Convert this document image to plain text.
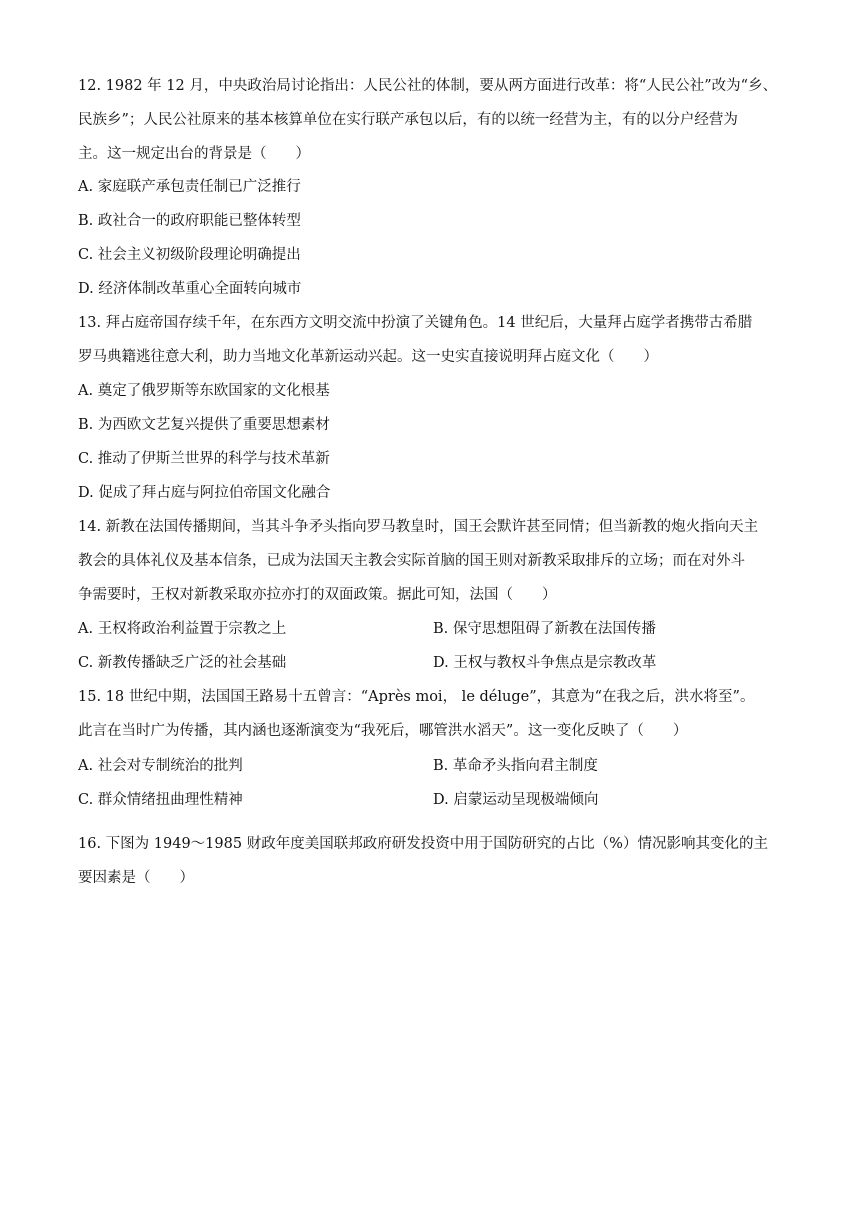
12. 1982 年 12 月，中央政治局讨论指出：人民公社的体制，要从两方面进行改革：将“人民公社”改为“乡、
民族乡”；人民公社原来的基本核算单位在实行联产承包以后，有的以统一经营为主，有的以分户经营为
主。这一规定出台的背景是（　　）
A. 家庭联产承包责任制已广泛推行
B. 政社合一的政府职能已整体转型
C. 社会主义初级阶段理论明确提出
D. 经济体制改革重心全面转向城市
13. 拜占庭帝国存续千年，在东西方文明交流中扮演了关键角色。14 世纪后，大量拜占庭学者携带古希腊
罗马典籍逃往意大利，助力当地文化革新运动兴起。这一史实直接说明拜占庭文化（　　）
A. 奠定了俄罗斯等东欧国家的文化根基
B. 为西欧文艺复兴提供了重要思想素材
C. 推动了伊斯兰世界的科学与技术革新
D. 促成了拜占庭与阿拉伯帝国文化融合
14. 新教在法国传播期间，当其斗争矛头指向罗马教皇时，国王会默许甚至同情；但当新教的炮火指向天主
教会的具体礼仪及基本信条，已成为法国天主教会实际首脑的国王则对新教采取排斥的立场；而在对外斗
争需要时，王权对新教采取亦拉亦打的双面政策。据此可知，法国（　　）
A. 王权将政治利益置于宗教之上	B. 保守思想阻碍了新教在法国传播
C. 新教传播缺乏广泛的社会基础	D. 王权与教权斗争焦点是宗教改革
15. 18 世纪中期，法国国王路易十五曾言：“Après moi， le déluge”，其意为“在我之后，洪水将至”。
此言在当时广为传播，其内涵也逐渐演变为“我死后，哪管洪水滔天”。这一变化反映了（　　）
A. 社会对专制统治的批判	B. 革命矛头指向君主制度
C. 群众情绪扭曲理性精神	D. 启蒙运动呈现极端倾向
16. 下图为 1949～1985 财政年度美国联邦政府研发投资中用于国防研究的占比（%）情况影响其变化的主
要因素是（　　）
